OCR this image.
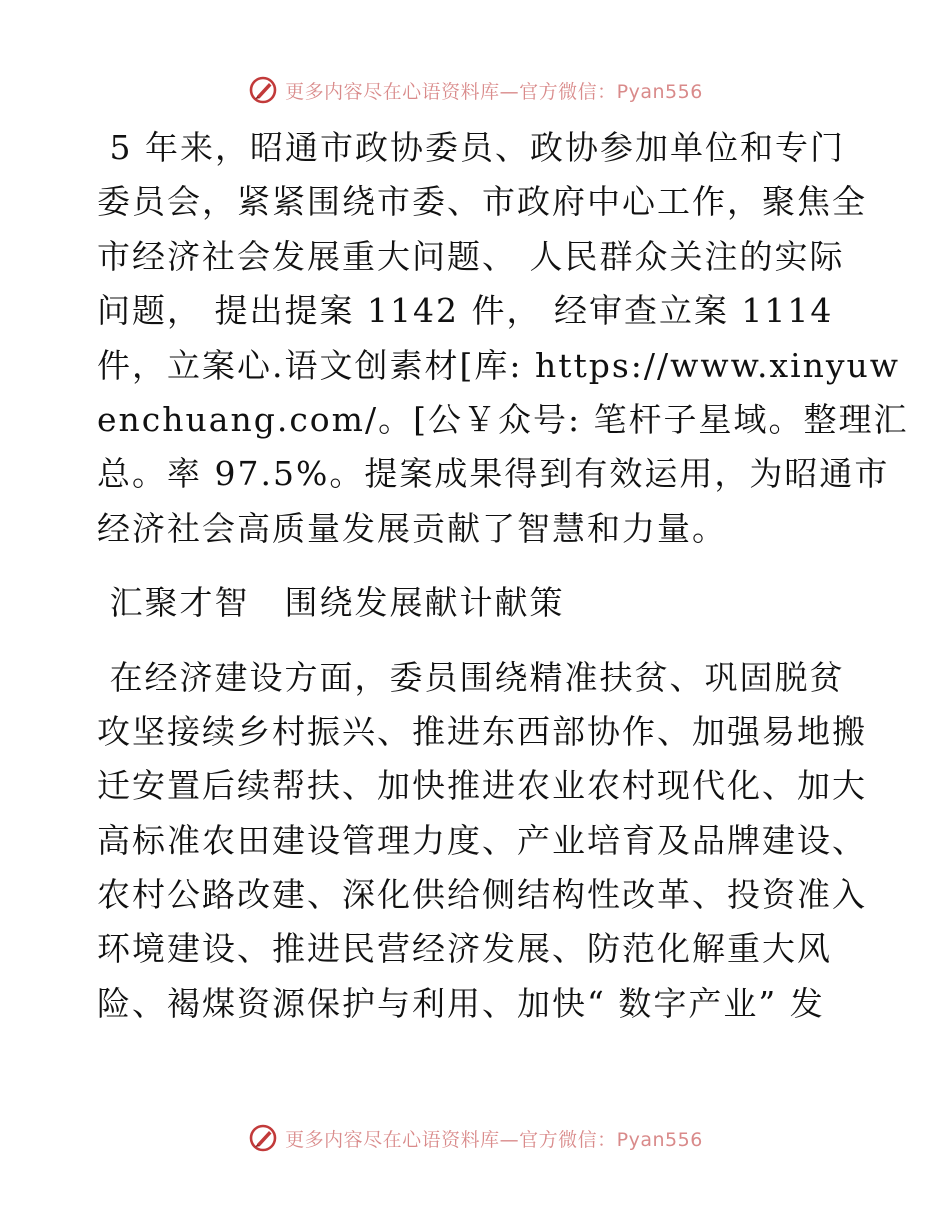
更多内容尽在心语资料库—官方微信：Pyan556
5 年来，昭通市政协委员、政协参加单位和专门
委员会，紧紧围绕市委、市政府中心工作，聚焦全
市经济社会发展重大问题、 人民群众关注的实际
问题， 提出提案 1142 件， 经审查立案 1114
件，立案心.语文创素材[库: https://www.xinyuw
enchuang.com/。[公￥众号: 笔杆子星域。整理汇
总。率 97.5%。提案成果得到有效运用，为昭通市
经济社会高质量发展贡献了智慧和力量。
汇聚才智　围绕发展献计献策
在经济建设方面，委员围绕精准扶贫、巩固脱贫
攻坚接续乡村振兴、推进东西部协作、加强易地搬
迁安置后续帮扶、加快推进农业农村现代化、加大
高标准农田建设管理力度、产业培育及品牌建设、
农村公路改建、深化供给侧结构性改革、投资准入
环境建设、推进民营经济发展、防范化解重大风
险、褐煤资源保护与利用、加快“ 数字产业” 发
更多内容尽在心语资料库—官方微信：Pyan556
